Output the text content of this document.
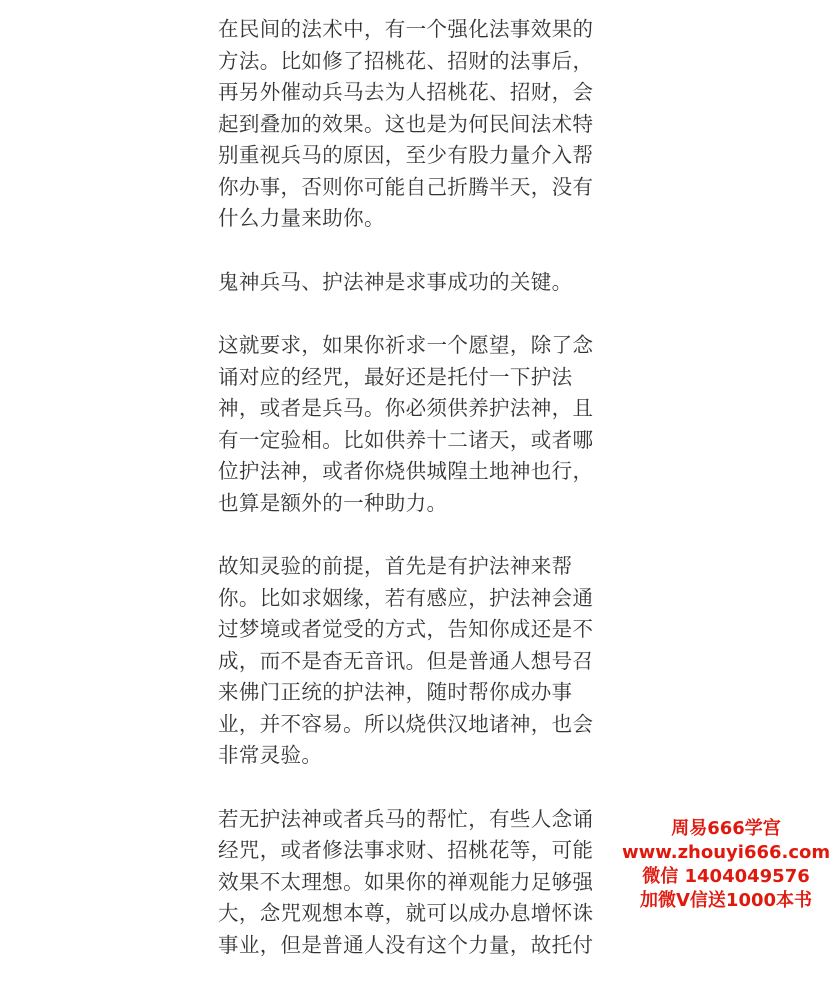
在民间的法术中，有一个强化法事效果的
方法。比如修了招桃花、招财的法事后，
再另外催动兵马去为人招桃花、招财，会
起到叠加的效果。这也是为何民间法术特
别重视兵马的原因，至少有股力量介入帮
你办事，否则你可能自己折腾半天，没有
什么力量来助你。

鬼神兵马、护法神是求事成功的关键。

这就要求，如果你祈求一个愿望，除了念
诵对应的经咒，最好还是托付一下护法
神，或者是兵马。你必须供养护法神，且
有一定验相。比如供养十二诸天，或者哪
位护法神，或者你烧供城隍土地神也行，
也算是额外的一种助力。

故知灵验的前提，首先是有护法神来帮
你。比如求姻缘，若有感应，护法神会通
过梦境或者觉受的方式，告知你成还是不
成，而不是杳无音讯。但是普通人想号召
来佛门正统的护法神，随时帮你成办事
业，并不容易。所以烧供汉地诸神，也会
非常灵验。

若无护法神或者兵马的帮忙，有些人念诵
经咒，或者修法事求财、招桃花等，可能
效果不太理想。如果你的禅观能力足够强
大，念咒观想本尊，就可以成办息增怀诛
事业，但是普通人没有这个力量，故托付

周易666学宫
www.zhouyi666.com
微信 1404049576
加微V信送1000本书
